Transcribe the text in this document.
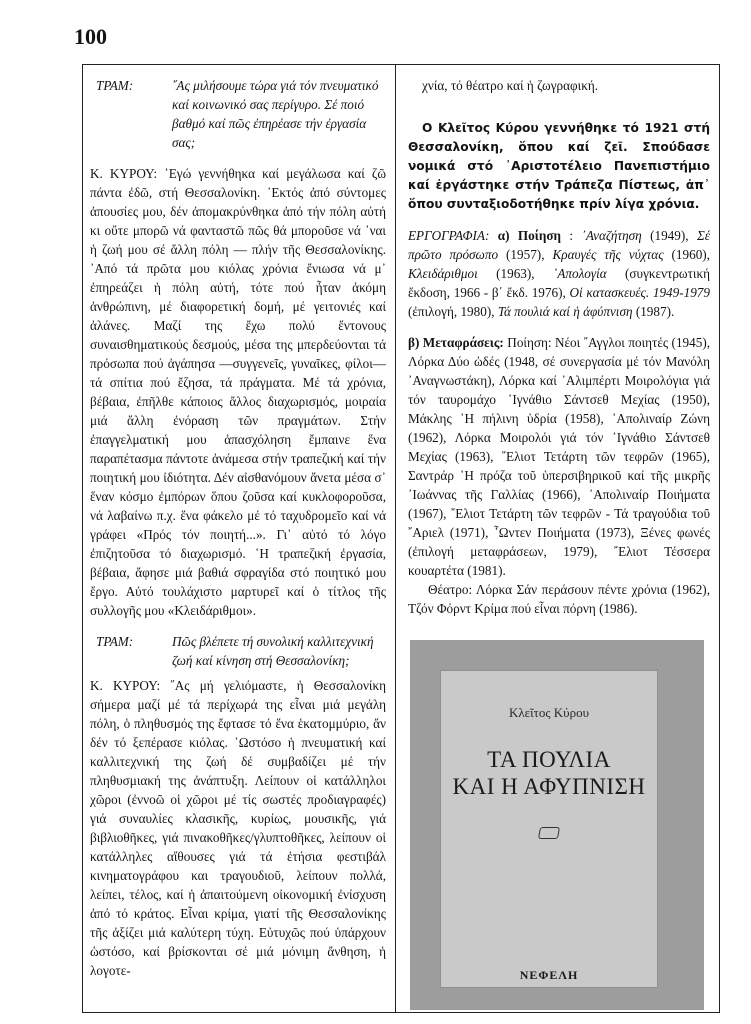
100
ΤΡΑΜ:	῎Ας μιλήσουμε τώρα γιά τόν πνευματικό καί κοινωνικό σας περίγυρο. Σέ ποιό βαθμό καί πῶς ἐπηρέασε τήν ἐργασία σας;

Κ. ΚΥΡΟΥ: ῾Εγώ γεννήθηκα καί μεγάλωσα καί ζῶ πάντα ἐδῶ, στή Θεσσαλονίκη. ᾿Εκτός ἀπό σύντομες ἀπουσίες μου, δέν ἀπομακρύνθηκα ἀπό τήν πόλη αὐτή κι οὔτε μπορῶ νά φανταστῶ πῶς θά μποροῦσε νά ᾿ναι ἡ ζωή μου σέ ἄλλη πόλη — πλήν τῆς Θεσσαλονίκης. ᾿Από τά πρῶτα μου κιόλας χρόνια ἔνιωσα νά μ᾿ ἐπηρεάζει ἡ πόλη αὐτή, τότε πού ἦταν ἀκόμη ἀνθρώπινη, μέ διαφορετική δομή, μέ γειτονιές καί ἀλάνες. Μαζί της ἔχω πολύ ἔντονους συναισθηματικούς δεσμούς, μέσα της μπερδεύονται τά πρόσωπα πού ἀγάπησα —συγγενεῖς, γυναῖκες, φίλοι— τά σπίτια πού ἔζησα, τά πράγματα. Μέ τά χρόνια, βέβαια, ἐπῆλθε κάποιος ἄλλος διαχωρισμός, μοιραία μιά ἄλλη ἐνόραση τῶν πραγμάτων. Στήν ἐπαγγελματική μου ἀπασχόληση ἔμπαινε ἕνα παραπέτασμα πάντοτε ἀνάμεσα στήν τραπεζική καί τήν ποιητική μου ἰδιότητα. Δέν αἰσθανόμουν ἄνετα μέσα σ᾿ ἕναν κόσμο ἐμπόρων ὅπου ζοῦσα καί κυκλοφοροῦσα, νά λαβαίνω π.χ. ἕνα φάκελο μέ τό ταχυδρομεῖο καί νά γράφει «Πρός τόν ποιητή...». Γι᾿ αὐτό τό λόγο ἐπιζητοῦσα τό διαχωρισμό. ῾Η τραπεζική ἐργασία, βέβαια, ἄφησε μιά βαθιά σφραγίδα στό ποιητικό μου ἔργο. Αὐτό τουλάχιστο μαρτυρεῖ καί ὁ τίτλος τῆς συλλογῆς μου «Κλειδάριθμοι».

ΤΡΑΜ:	Πῶς βλέπετε τή συνολική καλλιτεχνική ζωή καί κίνηση στή Θεσσαλονίκη;

Κ. ΚΥΡΟΥ: ῎Ας μή γελιόμαστε, ἡ Θεσσαλονίκη σήμερα μαζί μέ τά περίχωρά της εἶναι μιά μεγάλη πόλη, ὁ πληθυσμός της ἔφτασε τό ἕνα ἑκατομμύριο, ἄν δέν τό ξεπέρασε κιόλας. ῾Ωστόσο ἡ πνευματική καί καλλιτεχνική της ζωή δέ συμβαδίζει μέ τήν πληθυσμιακή της ἀνάπτυξη. Λείπουν οἱ κατάλληλοι χῶροι (ἐννοῶ οἱ χῶροι μέ τίς σωστές προδιαγραφές) γιά συναυλίες κλασικῆς, κυρίως, μουσικῆς, γιά βιβλιοθῆκες, γιά πινακοθῆκες/γλυπτοθῆκες, λείπουν οἱ κατάλληλες αἴθουσες γιά τά ἐτήσια φεστιβάλ κινηματογράφου και τραγουδιοῦ, λείπουν πολλά, λείπει, τέλος, καί ἡ ἀπαιτούμενη οἰκονομική ἐνίσχυση ἀπό τό κράτος. Εἶναι κρίμα, γιατί τῆς Θεσσαλονίκης τῆς ἀξίζει μιά καλύτερη τύχη. Εὐτυχῶς πού ὑπάρχουν ὡστόσο, καί βρίσκονται σέ μιά μόνιμη ἄνθηση, ἡ λογοτε-

χνία, τό θέατρο καί ἡ ζωγραφική.

Ο Κλεῖτος Κύρου γεννήθηκε τό 1921 στή Θεσσαλονίκη, ὅπου καί ζεῖ. Σπούδασε νομικά στό ᾿Αριστοτέλειο Πανεπιστήμιο καί ἐργάστηκε στήν Τράπεζα Πίστεως, ἀπ᾿ ὅπου συνταξιοδοτήθηκε πρίν λίγα χρόνια.

ΕΡΓΟΓΡΑΦΙΑ: α) Ποίηση : ᾿Αναζήτηση (1949), Σέ πρῶτο πρόσωπο (1957), Κραυγές τῆς νύχτας (1960), Κλειδάριθμοι (1963), ᾿Απολογία (συγκεντρωτική ἔκδοση, 1966 - β΄ ἔκδ. 1976), Οἱ κατασκευές. 1949-1979 (ἐπιλογή, 1980), Τά πουλιά καί ἡ ἀφύπνιση (1987).

β) Μεταφράσεις: Ποίηση: Νέοι ῎Αγγλοι ποιητές (1945), Λόρκα Δύο ὠδές (1948, σέ συνεργασία μέ τόν Μανόλη ᾿Αναγνωστάκη), Λόρκα καί ᾿Αλιμπέρτι Μοιρολόγια γιά τόν ταυρομάχο ᾿Ιγνάθιο Σάντσεθ Μεχίας (1950), Μάκλης ῾Η πήλινη ὑδρία (1958), ᾿Απολιναίρ Ζώνη (1962), Λόρκα Μοιρολόι γιά τόν ᾿Ιγνάθιο Σάντσεθ Μεχίας (1963), ῎Ελιοτ Τετάρτη τῶν τεφρῶν (1965), Σαντράρ ῾Η πρόζα τοῦ ὑπερσιβηρικοῦ καί τῆς μικρῆς ᾿Ιωάννας τῆς Γαλλίας (1966), ᾿Απολιναίρ Ποιήματα (1967), ῎Ελιοτ Τετάρτη τῶν τεφρῶν - Τά τραγούδια τοῦ ῎Αριελ (1971), ῟Ωντεν Ποιήματα (1973), Ξένες φωνές (ἐπιλογή μεταφράσεων, 1979), ῎Ελιοτ Τέσσερα κουαρτέτα (1981).

Θέατρο: Λόρκα Σάν περάσουν πέντε χρόνια (1962), Τζόν Φόρντ Κρίμα πού εἶναι πόρνη (1986).

Κλεῖτος Κύρου
ΤΑ ΠΟΥΛΙΑ
ΚΑΙ Η ΑΦΥΠΝΙΣΗ
ΝΕΦΕΛΗ
